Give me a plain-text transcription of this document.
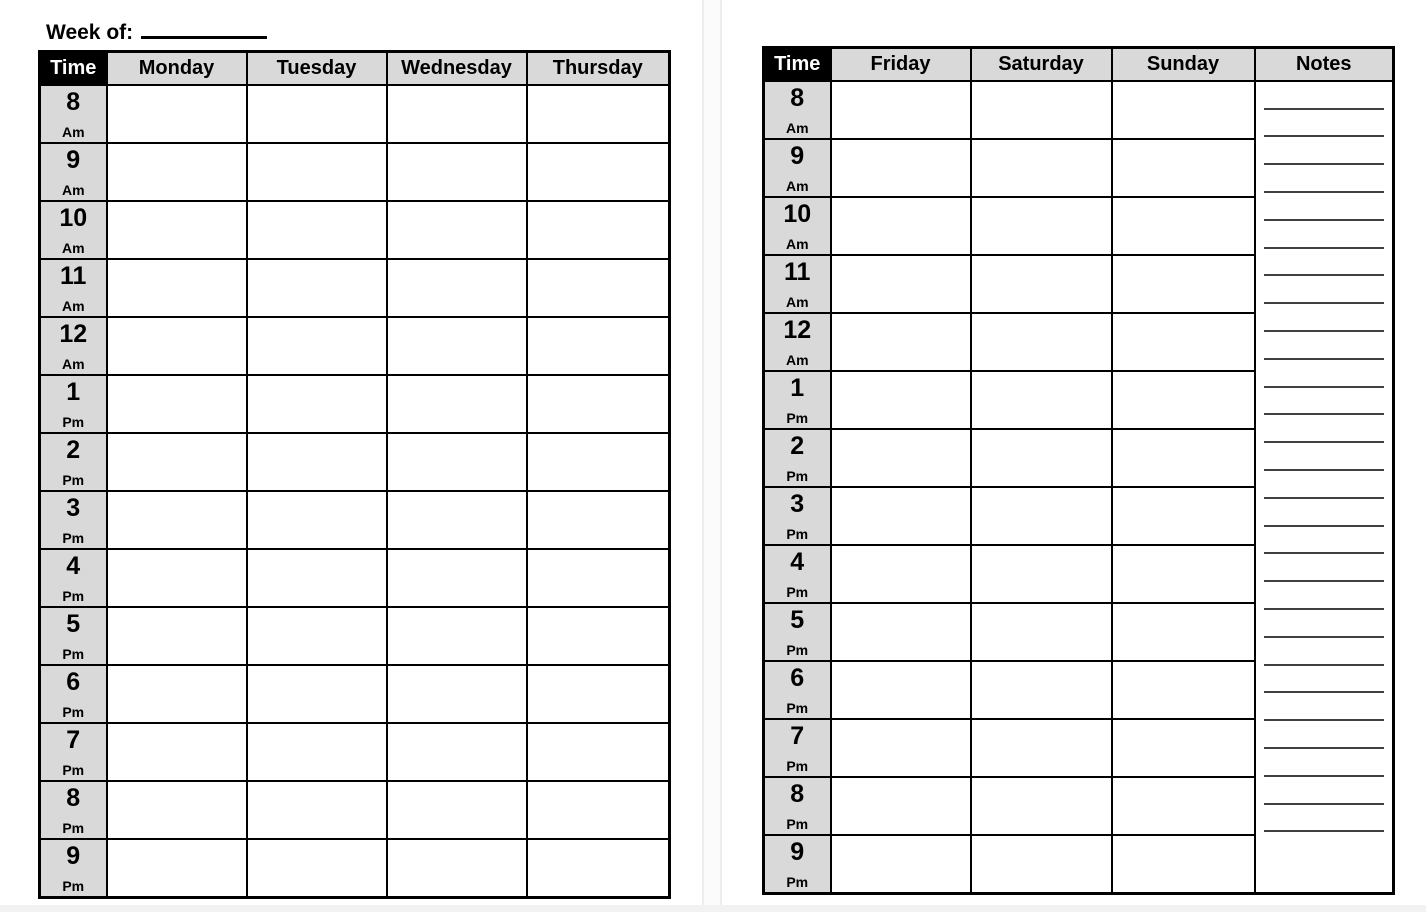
Week of:
Time	Monday	Tuesday	Wednesday	Thursday

8
Am				

9
Am				

10
Am				

11
Am				

12
Am				

1
Pm				

2
Pm				

3
Pm				

4
Pm				

5
Pm				

6
Pm				

7
Pm				

8
Pm				

9
Pm				

Time	Friday	Saturday	Sunday	Notes

8
Am				

9
Am				

10
Am				

11
Am				

12
Am				

1
Pm				

2
Pm				

3
Pm				

4
Pm				

5
Pm				

6
Pm				

7
Pm				

8
Pm				

9
Pm				
